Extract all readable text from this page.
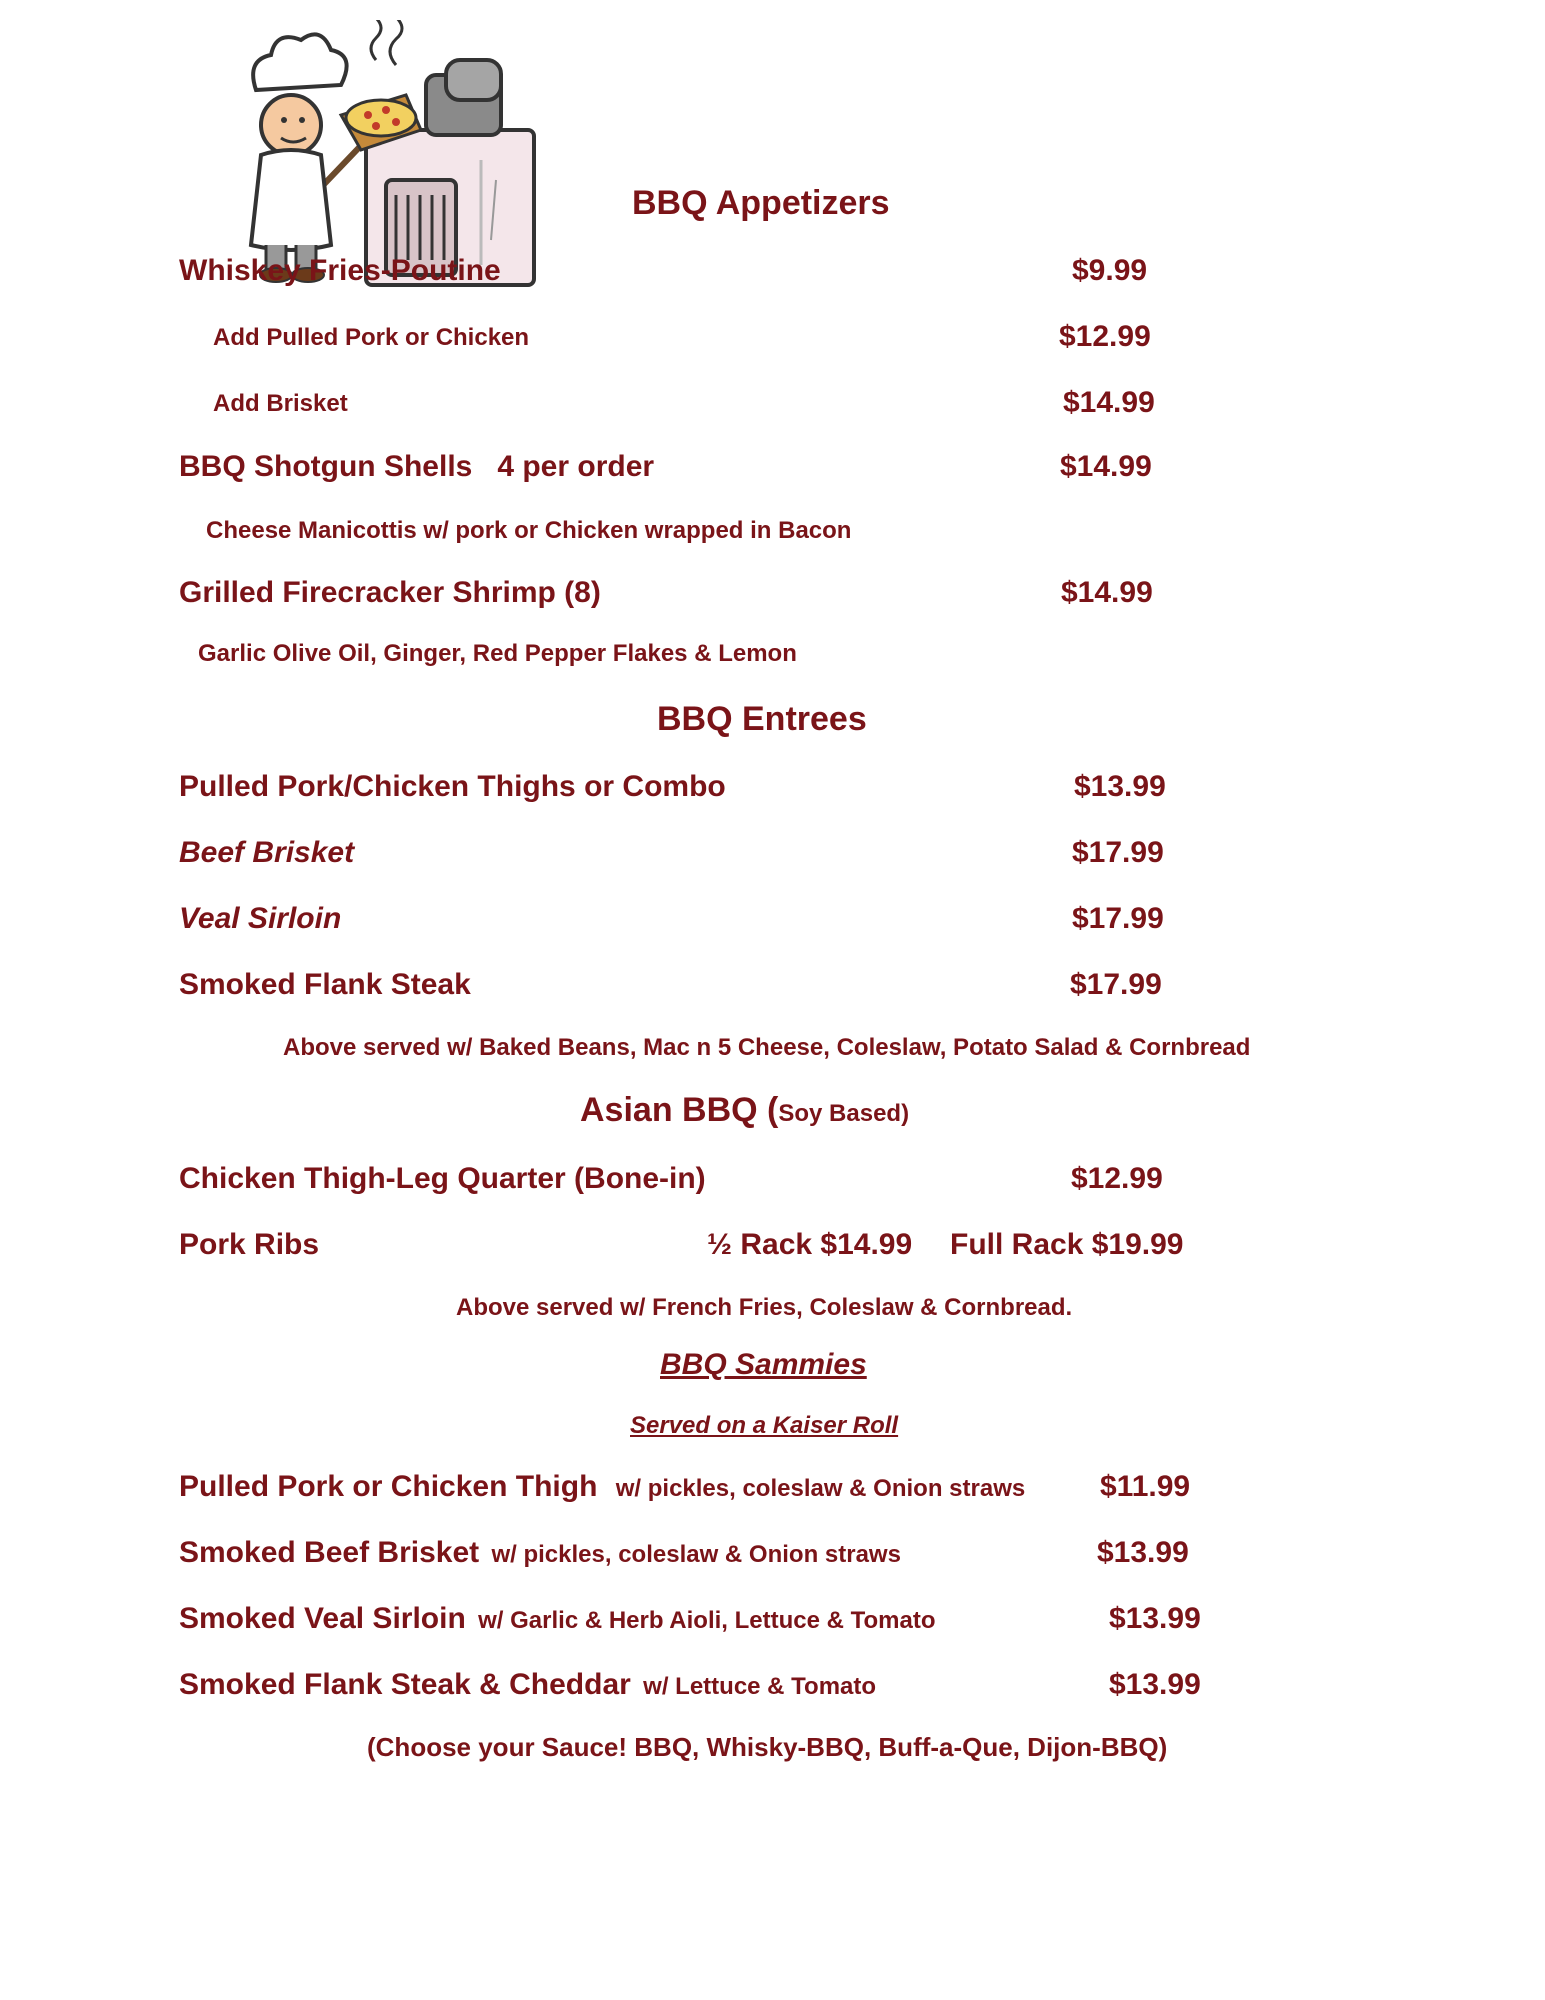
BBQ Appetizers
Whiskey Fries-Poutine	$9.99
Add Pulled Pork or Chicken	$12.99
Add Brisket	$14.99
BBQ Shotgun Shells   4 per order	$14.99
Cheese Manicottis w/ pork or Chicken wrapped in Bacon
Grilled Firecracker Shrimp (8)	$14.99
Garlic Olive Oil, Ginger, Red Pepper Flakes & Lemon
BBQ Entrees
Pulled Pork/Chicken Thighs or Combo	$13.99
Beef Brisket	$17.99
Veal Sirloin	$17.99
Smoked Flank Steak	$17.99
Above served w/ Baked Beans, Mac n 5 Cheese, Coleslaw, Potato Salad & Cornbread
Asian BBQ (Soy Based)
Chicken Thigh-Leg Quarter (Bone-in)	$12.99
Pork Ribs	½ Rack $14.99 Full Rack $19.99
Above served w/ French Fries, Coleslaw & Cornbread.
BBQ Sammies
Served on a Kaiser Roll
Pulled Pork or Chicken Thigh w/ pickles, coleslaw & Onion straws $11.99
Smoked Beef Brisket w/ pickles, coleslaw & Onion straws	$13.99
Smoked Veal Sirloin w/ Garlic & Herb Aioli, Lettuce & Tomato	$13.99
Smoked Flank Steak & Cheddar w/ Lettuce & Tomato	$13.99
(Choose your Sauce! BBQ, Whisky-BBQ, Buff-a-Que, Dijon-BBQ)
